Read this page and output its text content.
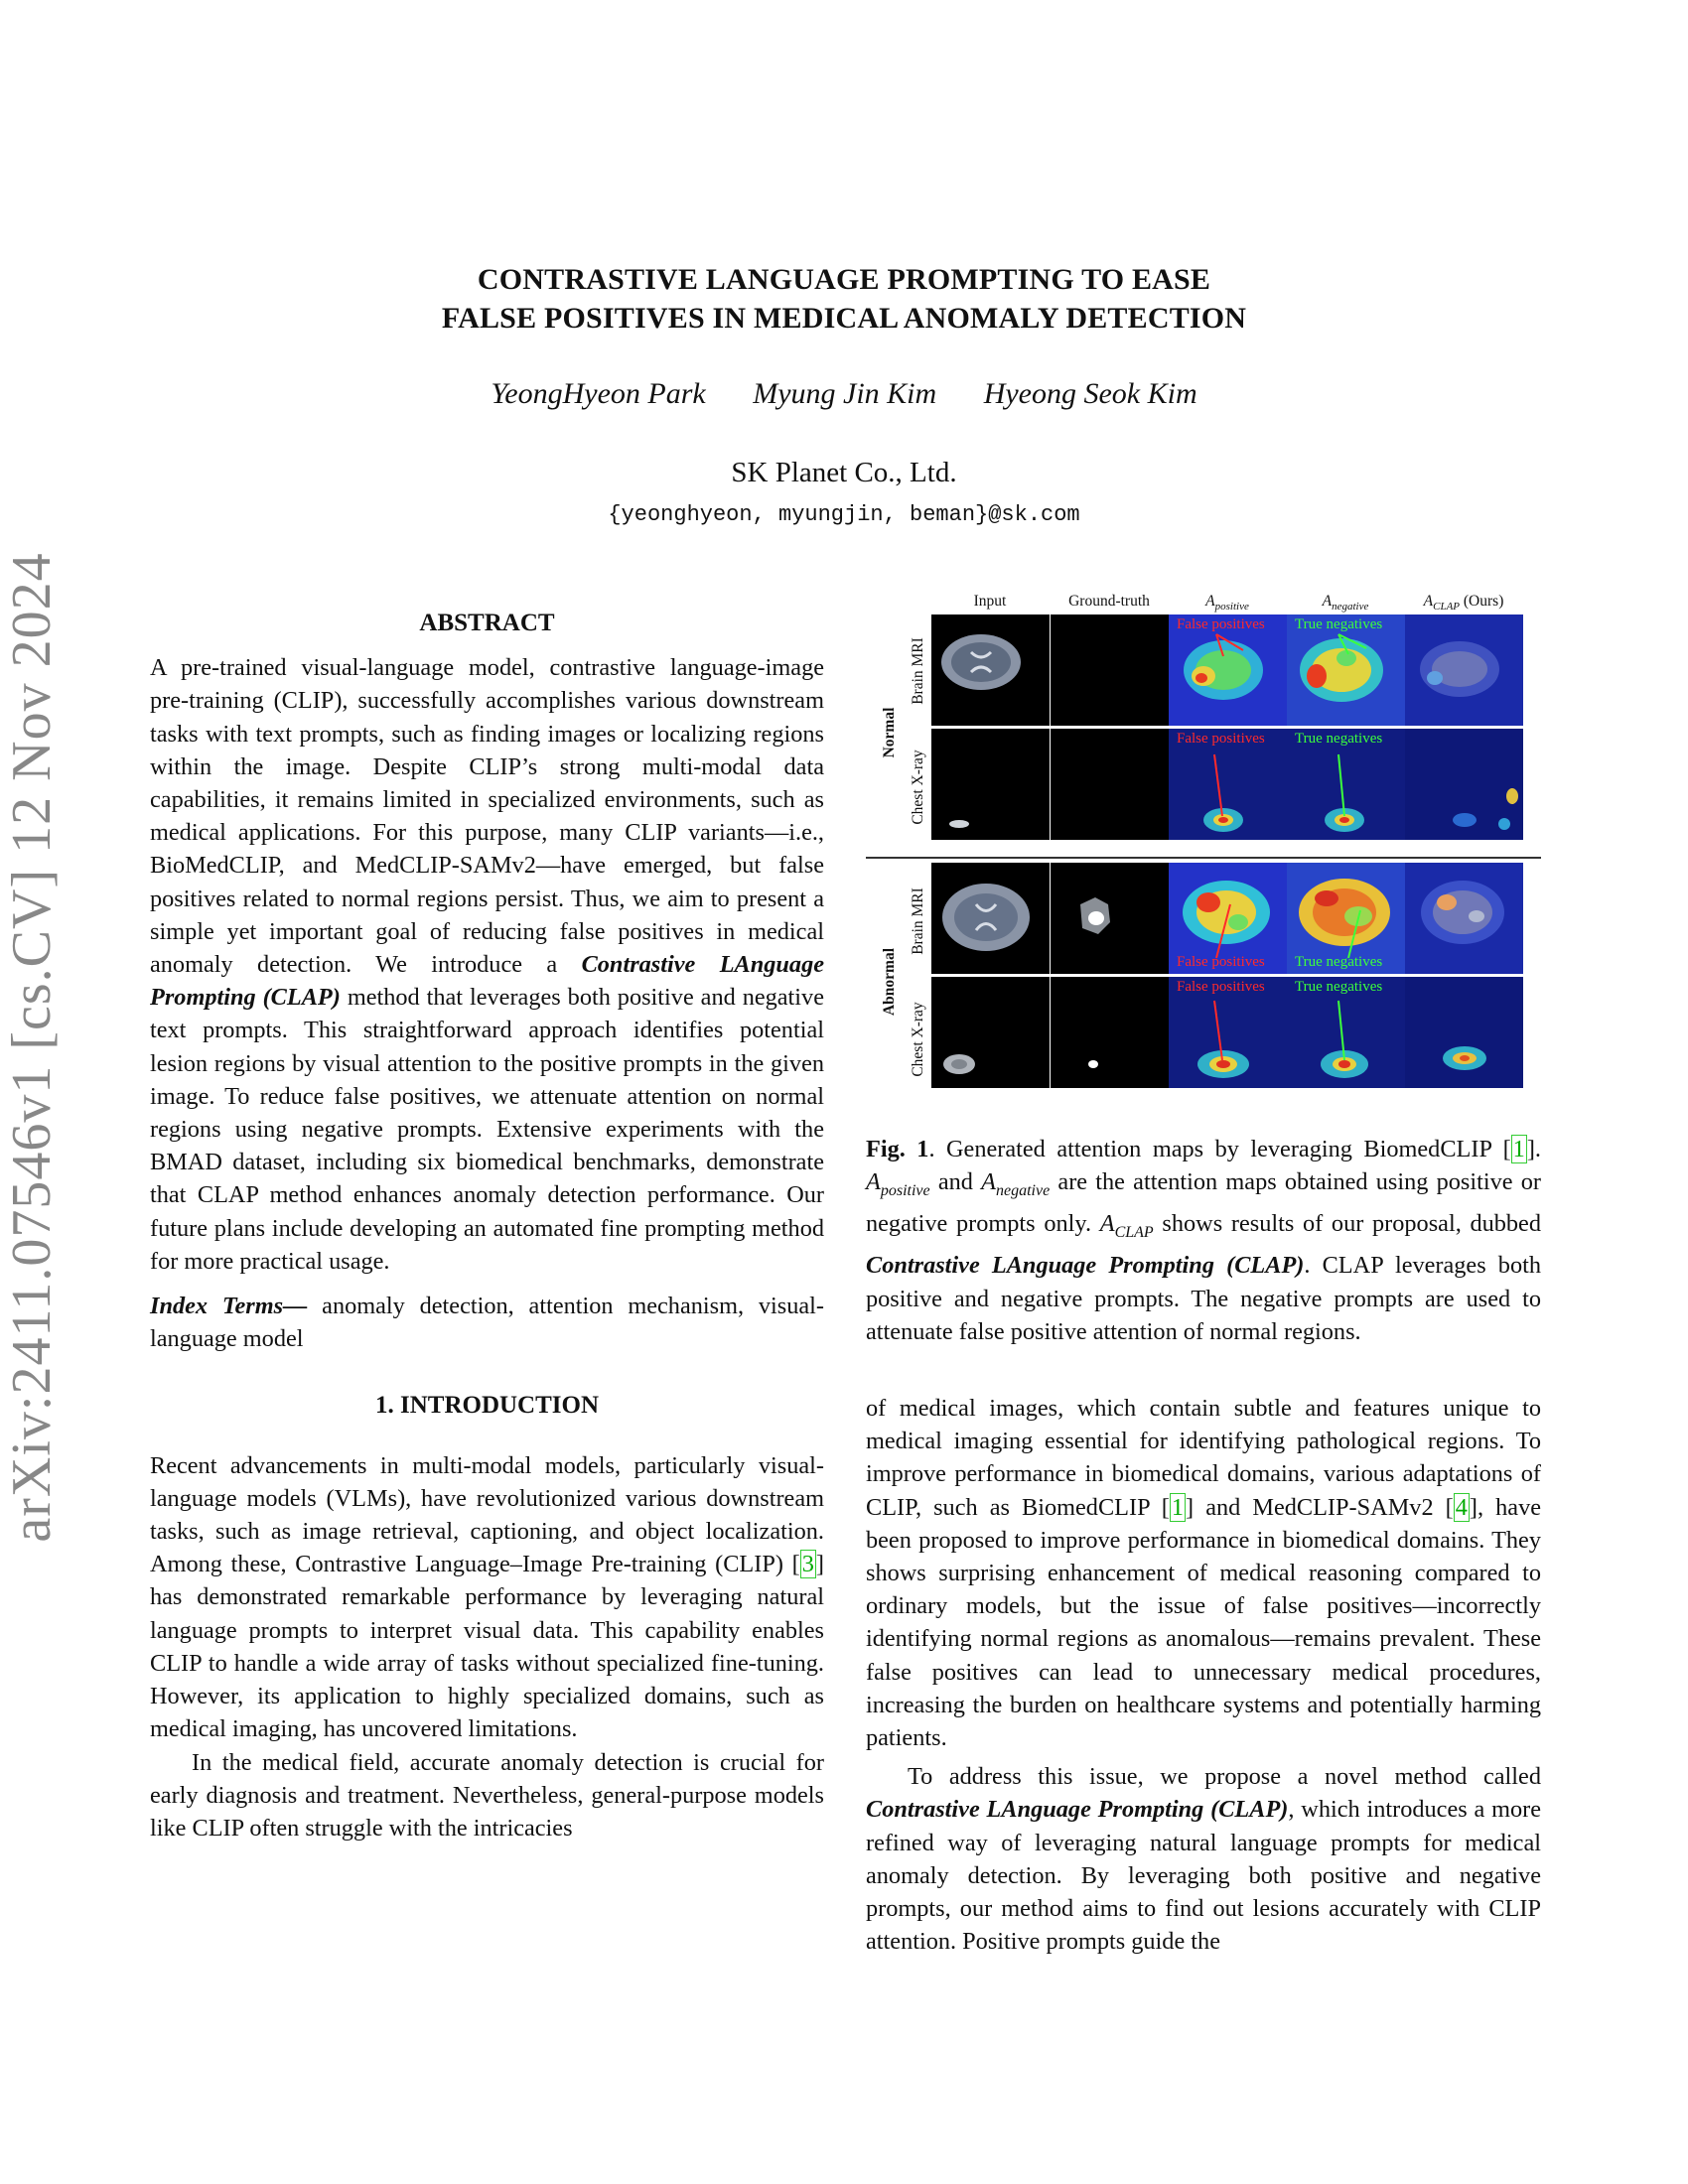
CONTRASTIVE LANGUAGE PROMPTING TO EASE
FALSE POSITIVES IN MEDICAL ANOMALY DETECTION
YeongHyeon Park Myung Jin Kim Hyeong Seok Kim
SK Planet Co., Ltd.
{yeonghyeon, myungjin, beman}@sk.com
arXiv:2411.07546v1 [cs.CV] 12 Nov 2024	ABSTRACT

A pre-trained visual-language model, contrastive language-image pre-training (CLIP), successfully accomplishes various downstream tasks with text prompts, such as finding images or localizing regions within the image. Despite CLIP’s strong multi-modal data capabilities, it remains limited in specialized environments, such as medical applications. For this purpose, many CLIP variants—i.e., BioMedCLIP, and MedCLIP-SAMv2—have emerged, but false positives related to normal regions persist. Thus, we aim to present a simple yet important goal of reducing false positives in medical anomaly detection. We introduce a Contrastive LAnguage Prompting (CLAP) method that leverages both positive and negative text prompts. This straightforward approach identifies potential lesion regions by visual attention to the positive prompts in the given image. To reduce false positives, we attenuate attention on normal regions using negative prompts. Extensive experiments with the BMAD dataset, including six biomedical benchmarks, demonstrate that CLAP method enhances anomaly detection performance. Our future plans include developing an automated fine prompting method for more practical usage.

Index Terms— anomaly detection, attention mechanism, visual-language model

1. INTRODUCTION

Recent advancements in multi-modal models, particularly visual-language models (VLMs), have revolutionized various downstream tasks, such as image retrieval, captioning, and object localization. Among these, Contrastive Language–Image Pre-training (CLIP) [3] has demonstrated remarkable performance by leveraging natural language prompts to interpret visual data. This capability enables CLIP to handle a wide array of tasks without specialized fine-tuning. However, its application to highly specialized domains, such as medical imaging, has uncovered limitations.

In the medical field, accurate anomaly detection is crucial for early diagnosis and treatment. Nevertheless, general-purpose models like CLIP often struggle with the intricacies

Input	Ground-truth	$A_{positive}$	$A_{negative}$	$A_{CLAP}$ (Ours)
Normal
Abnormal
Brain MRI
Chest X-ray
Brain MRI
Chest X-ray
False positives True negatives
False positives True negatives
False positives True negatives
False positives True negatives
Fig. 1. Generated attention maps by leveraging BiomedCLIP [1]. $A_{positive}$ and $A_{negative}$ are the attention maps obtained using positive or negative prompts only. $A_{CLAP}$ shows results of our proposal, dubbed Contrastive LAnguage Prompting (CLAP). CLAP leverages both positive and negative prompts. The negative prompts are used to attenuate false positive attention of normal regions.

of medical images, which contain subtle and features unique to medical imaging essential for identifying pathological regions. To improve performance in biomedical domains, various adaptations of CLIP, such as BiomedCLIP [1] and MedCLIP-SAMv2 [4], have been proposed to improve performance in biomedical domains. They shows surprising enhancement of medical reasoning compared to ordinary models, but the issue of false positives—incorrectly identifying normal regions as anomalous—remains prevalent. These false positives can lead to unnecessary medical procedures, increasing the burden on healthcare systems and potentially harming patients.

To address this issue, we propose a novel method called Contrastive LAnguage Prompting (CLAP), which introduces a more refined way of leveraging natural language prompts for medical anomaly detection. By leveraging both positive and negative prompts, our method aims to find out lesions accurately with CLIP attention. Positive prompts guide the
